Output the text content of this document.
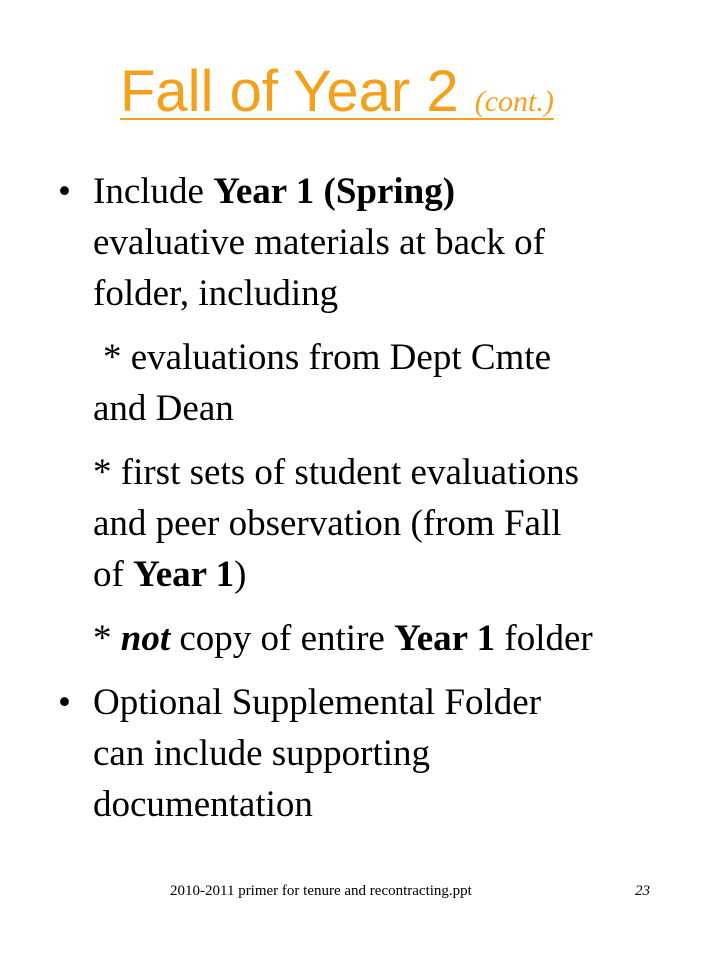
Fall of Year 2 (cont.)
• Include Year 1 (Spring)
evaluative materials at back of
folder, including
* evaluations from Dept Cmte
and Dean
* first sets of student evaluations
and peer observation (from Fall
of Year 1)
* not copy of entire Year 1 folder
• Optional Supplemental Folder
can include supporting
documentation
2010-2011 primer for tenure and recontracting.ppt	23
